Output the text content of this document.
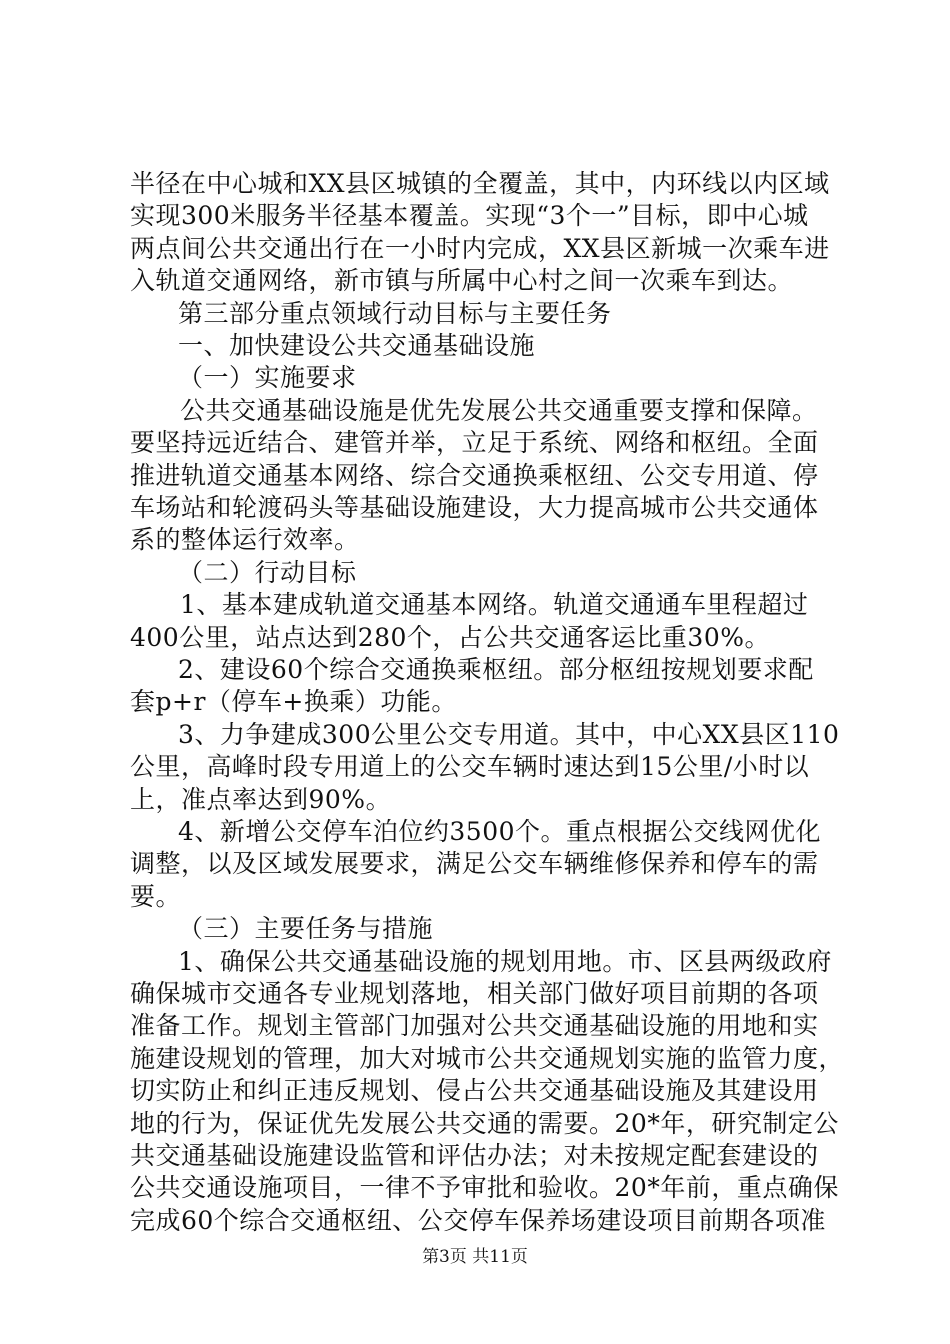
半径在中心城和XX县区城镇的全覆盖，其中，内环线以内区域
实现300米服务半径基本覆盖。实现“3个一”目标，即中心城
两点间公共交通出行在一小时内完成，XX县区新城一次乘车进
入轨道交通网络，新市镇与所属中心村之间一次乘车到达。
第三部分重点领域行动目标与主要任务
一、加快建设公共交通基础设施
（一）实施要求
公共交通基础设施是优先发展公共交通重要支撑和保障。
要坚持远近结合、建管并举，立足于系统、网络和枢纽。全面
推进轨道交通基本网络、综合交通换乘枢纽、公交专用道、停
车场站和轮渡码头等基础设施建设，大力提高城市公共交通体
系的整体运行效率。
（二）行动目标
1、基本建成轨道交通基本网络。轨道交通通车里程超过
400公里，站点达到280个，占公共交通客运比重30%。
2、建设60个综合交通换乘枢纽。部分枢纽按规划要求配
套p+r（停车+换乘）功能。
3、力争建成300公里公交专用道。其中，中心XX县区110
公里，高峰时段专用道上的公交车辆时速达到15公里/小时以
上，准点率达到90%。
4、新增公交停车泊位约3500个。重点根据公交线网优化
调整，以及区域发展要求，满足公交车辆维修保养和停车的需
要。
（三）主要任务与措施
1、确保公共交通基础设施的规划用地。市、区县两级政府
确保城市交通各专业规划落地，相关部门做好项目前期的各项
准备工作。规划主管部门加强对公共交通基础设施的用地和实
施建设规划的管理，加大对城市公共交通规划实施的监管力度，
切实防止和纠正违反规划、侵占公共交通基础设施及其建设用
地的行为，保证优先发展公共交通的需要。20*年，研究制定公
共交通基础设施建设监管和评估办法；对未按规定配套建设的
公共交通设施项目，一律不予审批和验收。20*年前，重点确保
完成60个综合交通枢纽、公交停车保养场建设项目前期各项准
第3页 共11页
